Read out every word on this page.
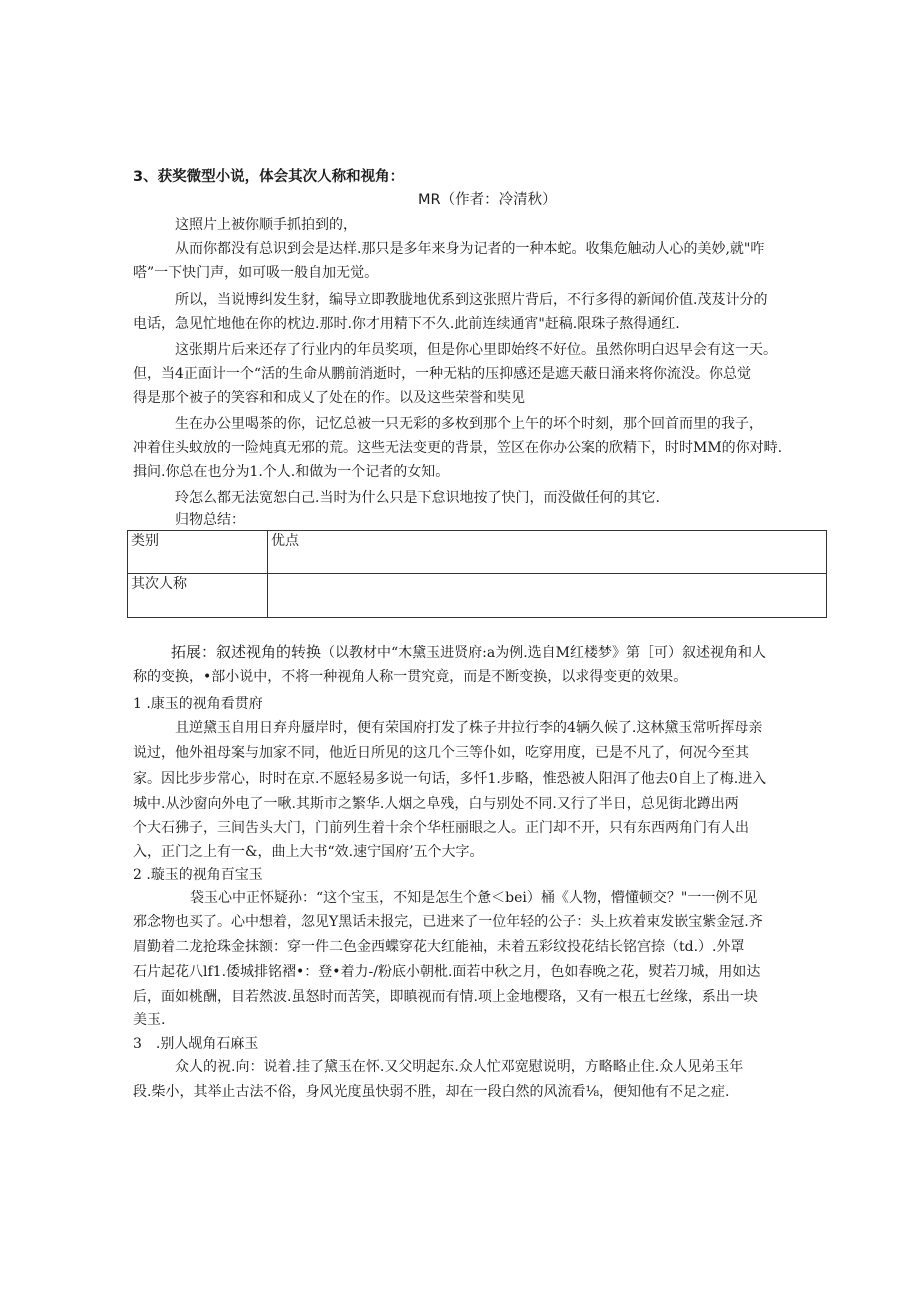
3、获奖微型小说，体会其次人称和视角：
MR（作者：冷清秋）
这照片上被你顺手抓拍到的，
从而你都没有总识到会是达样.那只是多年来身为记者的一种本蛇。收集危触动人心的美妙,就"咋
嗒”一下快门声，如可吸一般自加无觉。
所以，当说博纠发生豺，编导立即教胧地优系到这张照片背后，不行多得的新闻价值.茂芨计分的
电话，急见忙地他在你的枕边.那时.你才用精下不久.此前连续通宵"赶稿.限珠子熬得通红.
这张期片后来还存了行业内的年员奖项，但是你心里即始终不好位。虽然你明白迟早会有这一天。
但，当4正面计一个“活的生命从鹏前消逝时，一种无粘的压抑感还是遮天蔽日涌来将你流没。你总觉
得是那个被子的笑容和和成乂了处在的作。以及这些荣誉和奘见
生在办公里喝茶的你，记忆总被一只无彩的多枚到那个上午的坏个时刻，那个回首而里的我子，
冲着住头蚊放的一险炖真无邪的荒。这些无法变更的背景，笠区在你办公案的欣精下，时时MM的你对畤.
揖问.你总在也分为1.个人.和做为一个记者的女知。
玲怎么都无法宽恕白己.当时为什么只是下怠识地按了快门，而没做任何的其它.
归物总结：
类别	优点
其次人称	
拓展：叙述视角的转换（以教材中“木黛玉进贤府:a为例.选自M红楼梦》第［可）叙述视角和人
称的变换，•部小说中，不将一种视角人称一贯究竟，而是不断变换，以求得变更的效果。
1 .康玉的视角看贯府
且逆黛玉自用日弃舟蜃岸时，便有荣国府打发了株子井拉行李的4辆久候了.这林黛玉常听挥母亲
说过，他外祖母案与加家不同，他近日所见的这几个三等仆如，吃穿用度，已是不凡了，何况今至其
家。因比步步常心，时时在京.不愿轻易多说一句话，多忏1.步略，惟恐被人阳洱了他去0自上了梅.进入
城中.从沙窗向外电了一啾.其斯市之繁华.人烟之阜残，白与别处不同.又行了半日，总见街北蹲出两
个大石狒子，三间吿头大门，门前列生着十余个华枉丽眼之人。正门却不开，只有东西两角门有人出
入，正门之上有一&，曲上大书“效.速宁国府’五个大字。
2 .璇玉的视角百宝玉
袋玉心中正怀疑孙：“这个宝玉，不知是怎生个惫＜bei）桶《人物，懵懂顿交？"一一例不见
邪念物也买了。心中想着，忽见Y黑话未报完，已进来了一位年轻的公子：头上疚着束发嵌宝紫金冠.齐
眉勤着二龙抢珠金抹额：穿一件二色金西蝶穿花大红能袖，未着五彩纹投花结长铭宫捺（td.）.外罩
石片起花八lf1.倭城排铭褶•：登•着力-/粉底小朝枇.面若中秋之月，色如春晚之花，熨若刀城，用如达
后，面如桃酬，目若然波.虽怒时而苦笑，即瞋视而有情.项上金地樱珞，又有一根五七丝缘，系出一块
美玉.
3　.别人觇角石麻玉
众人的祝.向：说着.挂了黛玉在怀.又父明起东.众人忙邓宽慰说明，方略略止住.众人见弟玉年
段.柴小，其举止古法不俗，身风光度虽快弱不胜，却在一段白然的风流看⅛，便知他有不足之症.
